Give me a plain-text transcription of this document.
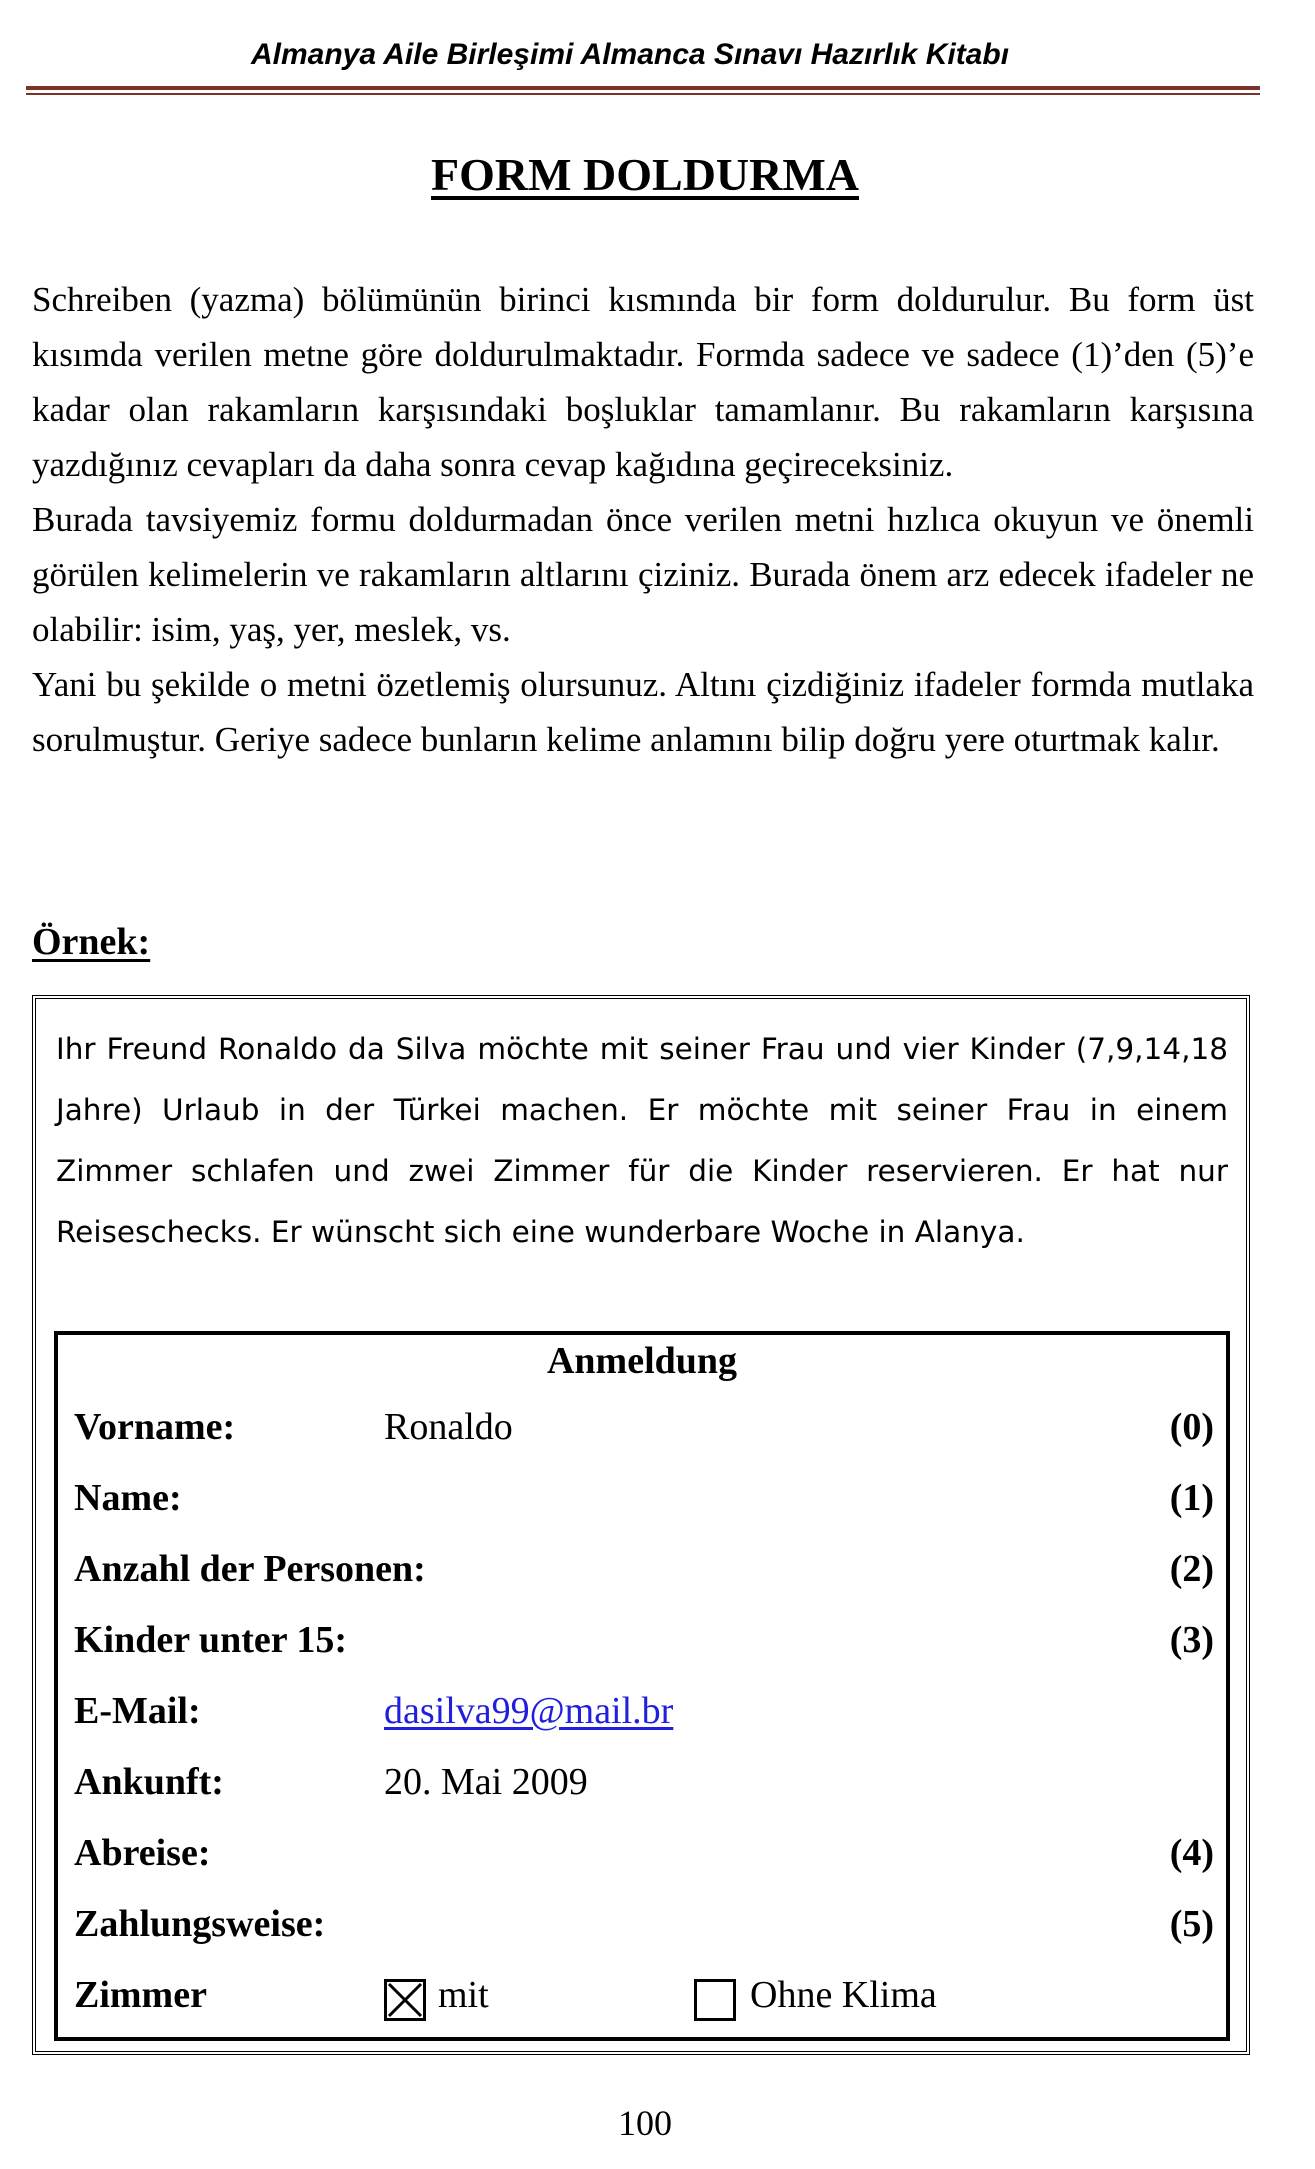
Almanya Aile Birleşimi Almanca Sınavı Hazırlık Kitabı
FORM DOLDURMA

Schreiben (yazma) bölümünün birinci kısmında bir form doldurulur. Bu form üst kısımda verilen metne göre doldurulmaktadır. Formda sadece ve sadece (1)’den (5)’e kadar olan rakamların karşısındaki boşluklar tamamlanır. Bu rakamların karşısına yazdığınız cevapları da daha sonra cevap kağıdına geçireceksiniz.

Burada tavsiyemiz formu doldurmadan önce verilen metni hızlıca okuyun ve önemli görülen kelimelerin ve rakamların altlarını çiziniz. Burada önem arz edecek ifadeler ne olabilir: isim, yaş, yer, meslek, vs.

Yani bu şekilde o metni özetlemiş olursunuz. Altını çizdiğiniz ifadeler formda mutlaka sorulmuştur. Geriye sadece bunların kelime anlamını bilip doğru yere oturtmak kalır.

Örnek:
Ihr Freund Ronaldo da Silva möchte mit seiner Frau und vier Kinder (7,9,14,18 Jahre) Urlaub in der Türkei machen. Er möchte mit seiner Frau in einem Zimmer schlafen und zwei Zimmer für die Kinder reservieren. Er hat nur Reiseschecks. Er wünscht sich eine wunderbare Woche in Alanya.
Anmeldung
Vorname:	Ronaldo	(0)
Name:	(1)
Anzahl der Personen:	(2)
Kinder unter 15:	(3)
E-Mail:	dasilva99@mail.br
Ankunft:	20. Mai 2009
Abreise:	(4)
Zahlungsweise:	(5)
Zimmer	mit	Ohne Klima
100
